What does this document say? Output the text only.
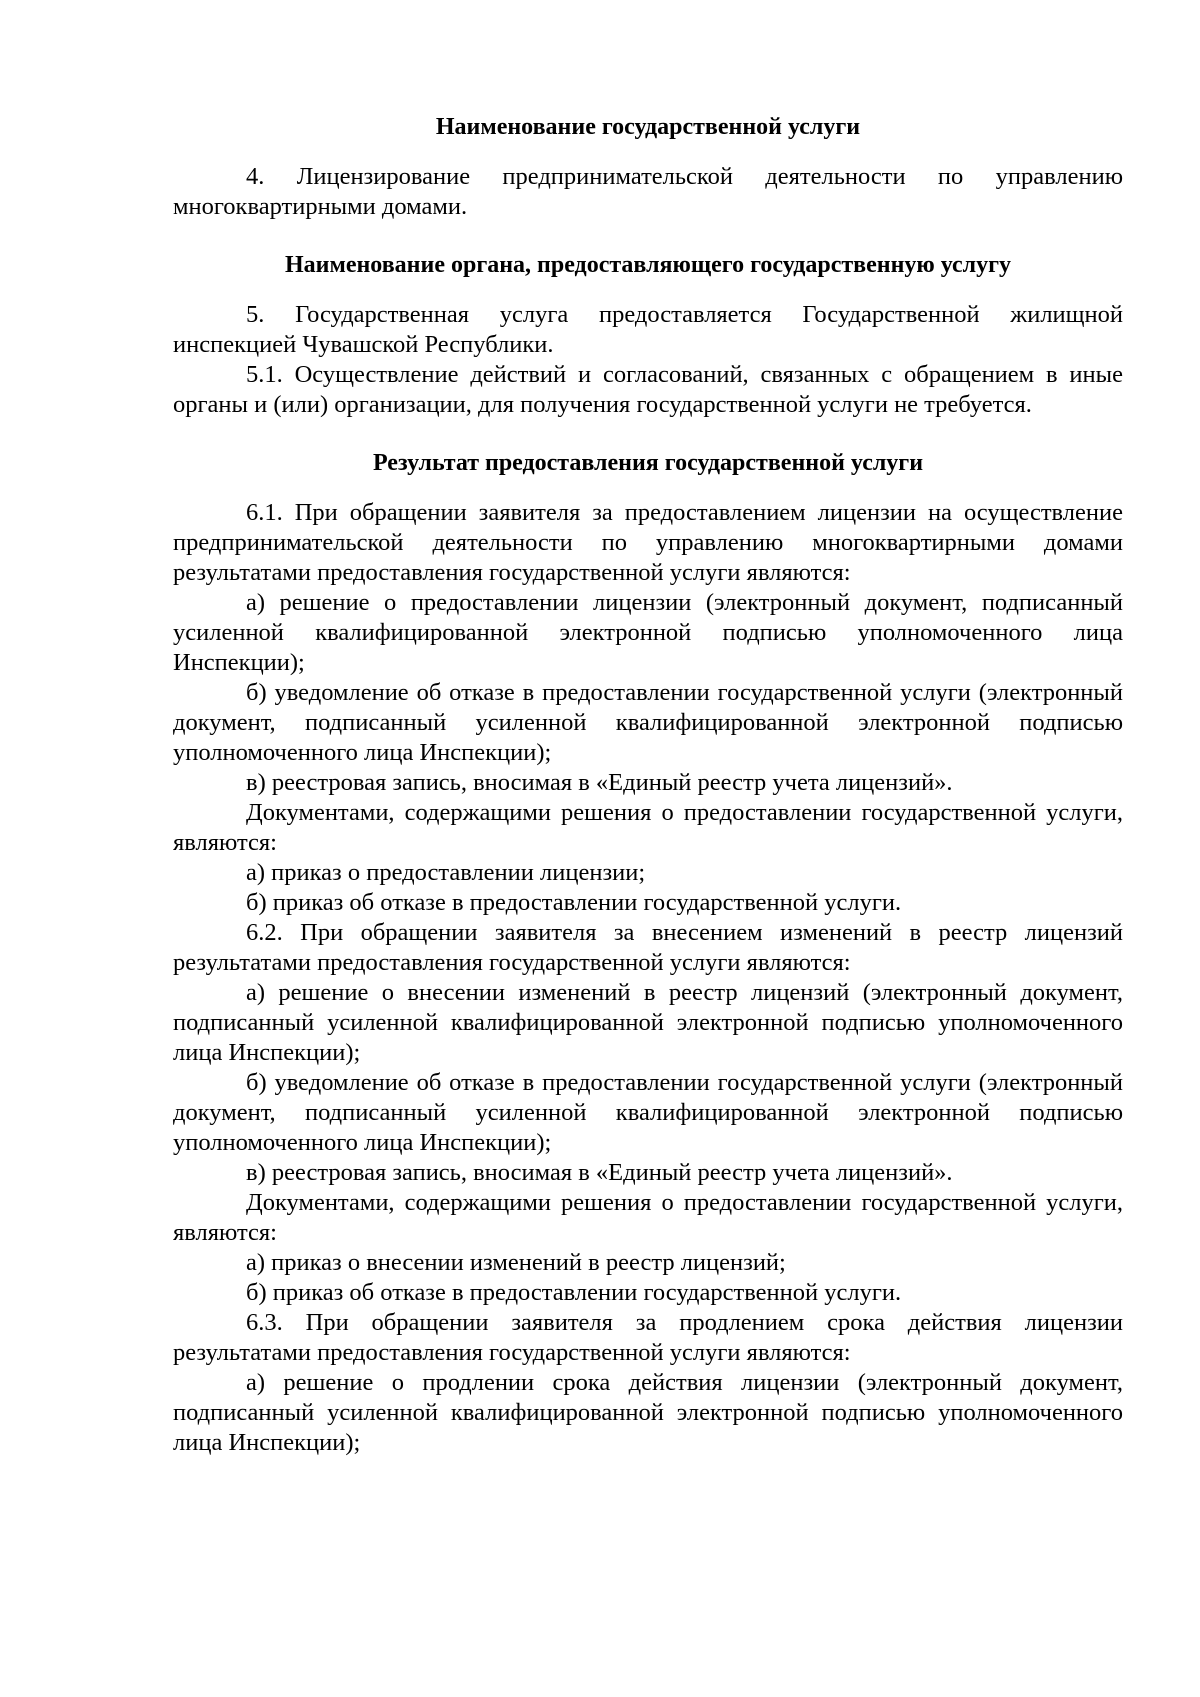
Наименование государственной услуги

4. Лицензирование предпринимательской деятельности по управлению многоквартирными домами.

Наименование органа, предоставляющего государственную услугу

5. Государственная услуга предоставляется Государственной жилищной инспекцией Чувашской Республики.

5.1. Осуществление действий и согласований, связанных с обращением в иные органы и (или) организации, для получения государственной услуги не требуется.

Результат предоставления государственной услуги

6.1. При обращении заявителя за предоставлением лицензии на осуществление предпринимательской деятельности по управлению многоквартирными домами результатами предоставления государственной услуги являются:

а) решение о предоставлении лицензии (электронный документ, подписанный усиленной квалифицированной электронной подписью уполномоченного лица Инспекции);

б) уведомление об отказе в предоставлении государственной услуги (электронный документ, подписанный усиленной квалифицированной электронной подписью уполномоченного лица Инспекции);

в) реестровая запись, вносимая в «Единый реестр учета лицензий».

Документами, содержащими решения о предоставлении государственной услуги, являются:

а) приказ о предоставлении лицензии;

б) приказ об отказе в предоставлении государственной услуги.

6.2. При обращении заявителя за внесением изменений в реестр лицензий результатами предоставления государственной услуги являются:

а) решение о внесении изменений в реестр лицензий (электронный документ, подписанный усиленной квалифицированной электронной подписью уполномоченного лица Инспекции);

б) уведомление об отказе в предоставлении государственной услуги (электронный документ, подписанный усиленной квалифицированной электронной подписью уполномоченного лица Инспекции);

в) реестровая запись, вносимая в «Единый реестр учета лицензий».

Документами, содержащими решения о предоставлении государственной услуги, являются:

а) приказ о внесении изменений в реестр лицензий;

б) приказ об отказе в предоставлении государственной услуги.

6.3. При обращении заявителя за продлением срока действия лицензии результатами предоставления государственной услуги являются:

а) решение о продлении срока действия лицензии (электронный документ, подписанный усиленной квалифицированной электронной подписью уполномоченного лица Инспекции);
